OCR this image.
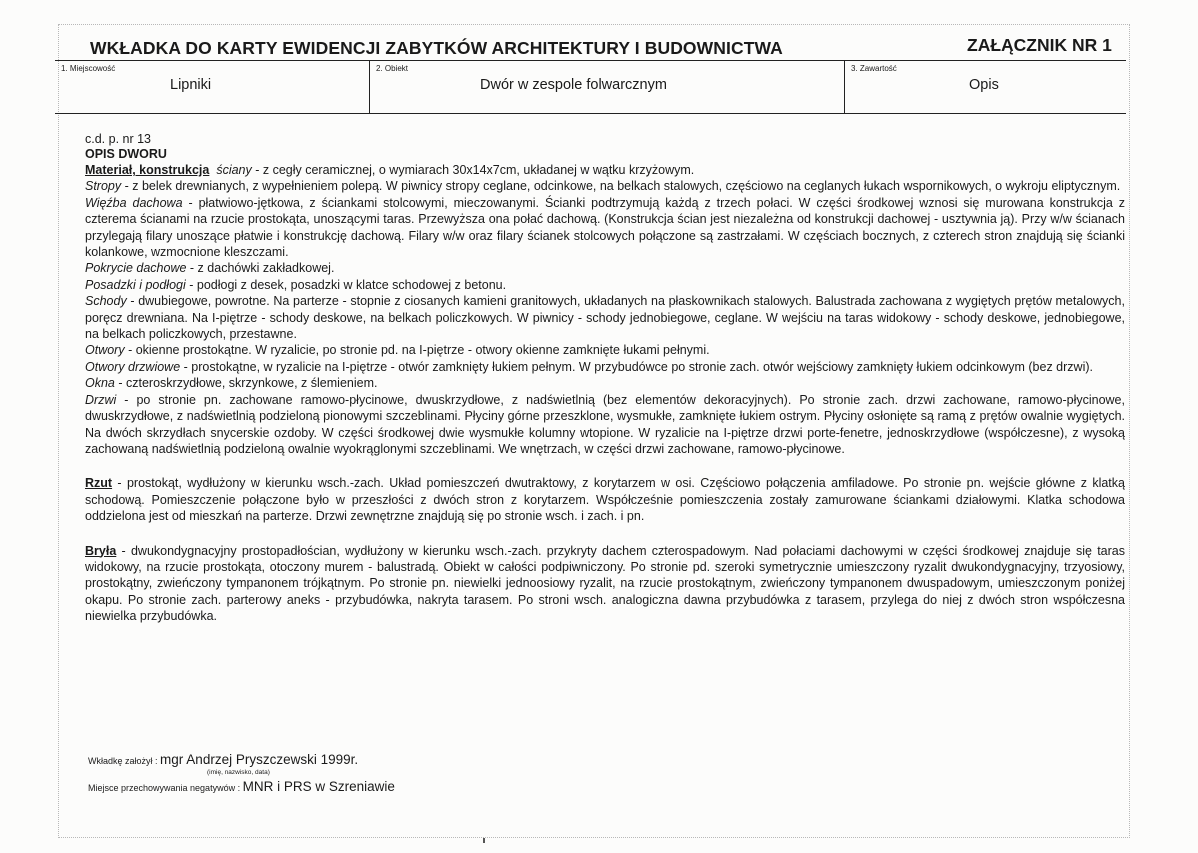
WKŁADKA DO KARTY EWIDENCJI ZABYTKÓW ARCHITEKTURY I BUDOWNICTWA	ZAŁĄCZNIK NR 1
1. Miejscowość
Lipniki
2. Obiekt
Dwór w zespole folwarcznym
3. Zawartość
Opis

c.d. p. nr 13

OPIS DWORU

Materiał, konstrukcja ściany - z cegły ceramicznej, o wymiarach 30x14x7cm, układanej w wątku krzyżowym.

Stropy - z belek drewnianych, z wypełnieniem polepą. W piwnicy stropy ceglane, odcinkowe, na belkach stalowych, częściowo na ceglanych łukach wspornikowych, o wykroju eliptycznym.

Więźba dachowa - płatwiowo-jętkowa, z ściankami stolcowymi, mieczowanymi. Ścianki podtrzymują każdą z trzech połaci. W części środkowej wznosi się murowana konstrukcja z czterema ścianami na rzucie prostokąta, unoszącymi taras. Przewyższa ona połać dachową. (Konstrukcja ścian jest niezależna od konstrukcji dachowej - usztywnia ją). Przy w/w ścianach przylegają filary unoszące płatwie i konstrukcję dachową. Filary w/w oraz filary ścianek stolcowych połączone są zastrzałami. W częściach bocznych, z czterech stron znajdują się ścianki kolankowe, wzmocnione kleszczami.

Pokrycie dachowe - z dachówki zakładkowej.

Posadzki i podłogi - podłogi z desek, posadzki w klatce schodowej z betonu.

Schody - dwubiegowe, powrotne. Na parterze - stopnie z ciosanych kamieni granitowych, układanych na płaskownikach stalowych. Balustrada zachowana z wygiętych prętów metalowych, poręcz drewniana. Na I-piętrze - schody deskowe, na belkach policzkowych. W piwnicy - schody jednobiegowe, ceglane. W wejściu na taras widokowy - schody deskowe, jednobiegowe, na belkach policzkowych, przestawne.

Otwory - okienne prostokątne. W ryzalicie, po stronie pd. na I-piętrze - otwory okienne zamknięte łukami pełnymi.

Otwory drzwiowe - prostokątne, w ryzalicie na I-piętrze - otwór zamknięty łukiem pełnym. W przybudówce po stronie zach. otwór wejściowy zamknięty łukiem odcinkowym (bez drzwi).

Okna - czteroskrzydłowe, skrzynkowe, z ślemieniem.

Drzwi - po stronie pn. zachowane ramowo-płycinowe, dwuskrzydłowe, z nadświetlnią (bez elementów dekoracyjnych). Po stronie zach. drzwi zachowane, ramowo-płycinowe, dwuskrzydłowe, z nadświetlnią podzieloną pionowymi szczeblinami. Płyciny górne przeszklone, wysmukłe, zamknięte łukiem ostrym. Płyciny osłonięte są ramą z prętów owalnie wygiętych. Na dwóch skrzydłach snycerskie ozdoby. W części środkowej dwie wysmukłe kolumny wtopione. W ryzalicie na I-piętrze drzwi porte-fenetre, jednoskrzydłowe (współczesne), z wysoką zachowaną nadświetlnią podzieloną owalnie wyokrąglonymi szczeblinami. We wnętrzach, w części drzwi zachowane, ramowo-płycinowe.

Rzut - prostokąt, wydłużony w kierunku wsch.-zach. Układ pomieszczeń dwutraktowy, z korytarzem w osi. Częściowo połączenia amfiladowe. Po stronie pn. wejście główne z klatką schodową. Pomieszczenie połączone było w przeszłości z dwóch stron z korytarzem. Współcześnie pomieszczenia zostały zamurowane ściankami działowymi. Klatka schodowa oddzielona jest od mieszkań na parterze. Drzwi zewnętrzne znajdują się po stronie wsch. i zach. i pn.

Bryła - dwukondygnacyjny prostopadłościan, wydłużony w kierunku wsch.-zach. przykryty dachem czterospadowym. Nad połaciami dachowymi w części środkowej znajduje się taras widokowy, na rzucie prostokąta, otoczony murem - balustradą. Obiekt w całości podpiwniczony. Po stronie pd. szeroki symetrycznie umieszczony ryzalit dwukondygnacyjny, trzyosiowy, prostokątny, zwieńczony tympanonem trójkątnym. Po stronie pn. niewielki jednoosiowy ryzalit, na rzucie prostokątnym, zwieńczony tympanonem dwuspadowym, umieszczonym poniżej okapu. Po stronie zach. parterowy aneks - przybudówka, nakryta tarasem. Po stroni wsch. analogiczna dawna przybudówka z tarasem, przylega do niej z dwóch stron współczesna niewielka przybudówka.

Wkładkę założył : mgr Andrzej Pryszczewski 1999r.
(imię, nazwisko, data)
Miejsce przechowywania negatywów : MNR i PRS w Szreniawie
